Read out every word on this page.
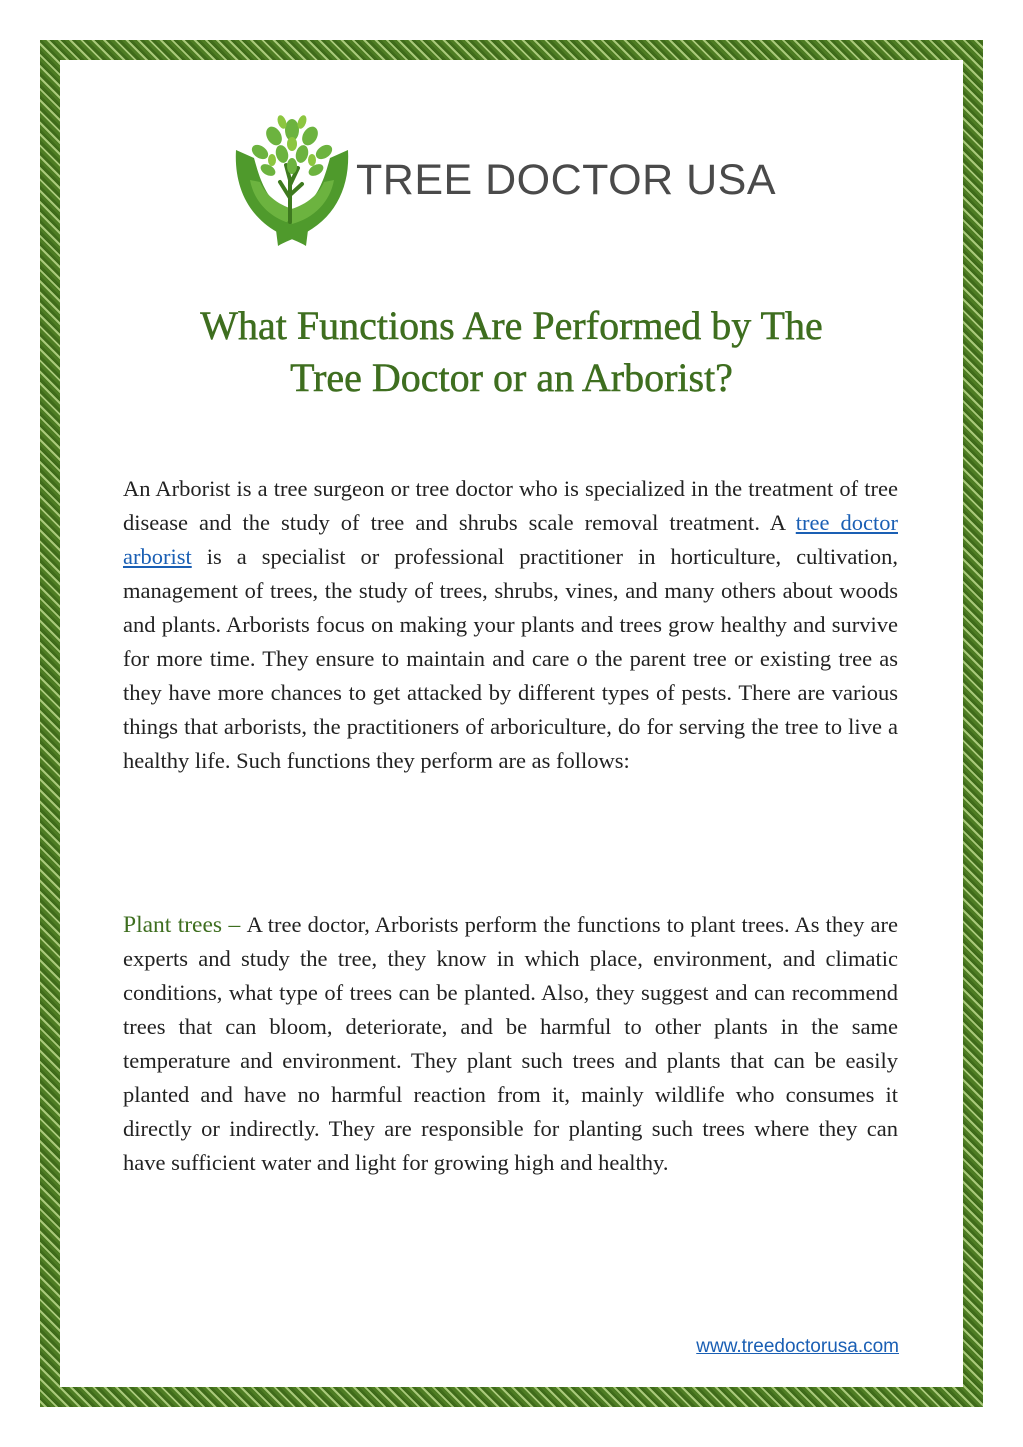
TREE DOCTOR USA
What Functions Are Performed by The
Tree Doctor or an Arborist?

An Arborist is a tree surgeon or tree doctor who is specialized in the treatment of tree disease and the study of tree and shrubs scale removal treatment. A tree doctor arborist is a specialist or professional practitioner in horticulture, cultivation, management of trees, the study of trees, shrubs, vines, and many others about woods and plants. Arborists focus on making your plants and trees grow healthy and survive for more time. They ensure to maintain and care o the parent tree or existing tree as they have more chances to get attacked by different types of pests. There are various things that arborists, the practitioners of arboriculture, do for serving the tree to live a healthy life. Such functions they perform are as follows:

Plant trees – A tree doctor, Arborists perform the functions to plant trees. As they are experts and study the tree, they know in which place, environment, and climatic conditions, what type of trees can be planted. Also, they suggest and can recommend trees that can bloom, deteriorate, and be harmful to other plants in the same temperature and environment. They plant such trees and plants that can be easily planted and have no harmful reaction from it, mainly wildlife who consumes it directly or indirectly. They are responsible for planting such trees where they can have sufficient water and light for growing high and healthy.

www.treedoctorusa.com
